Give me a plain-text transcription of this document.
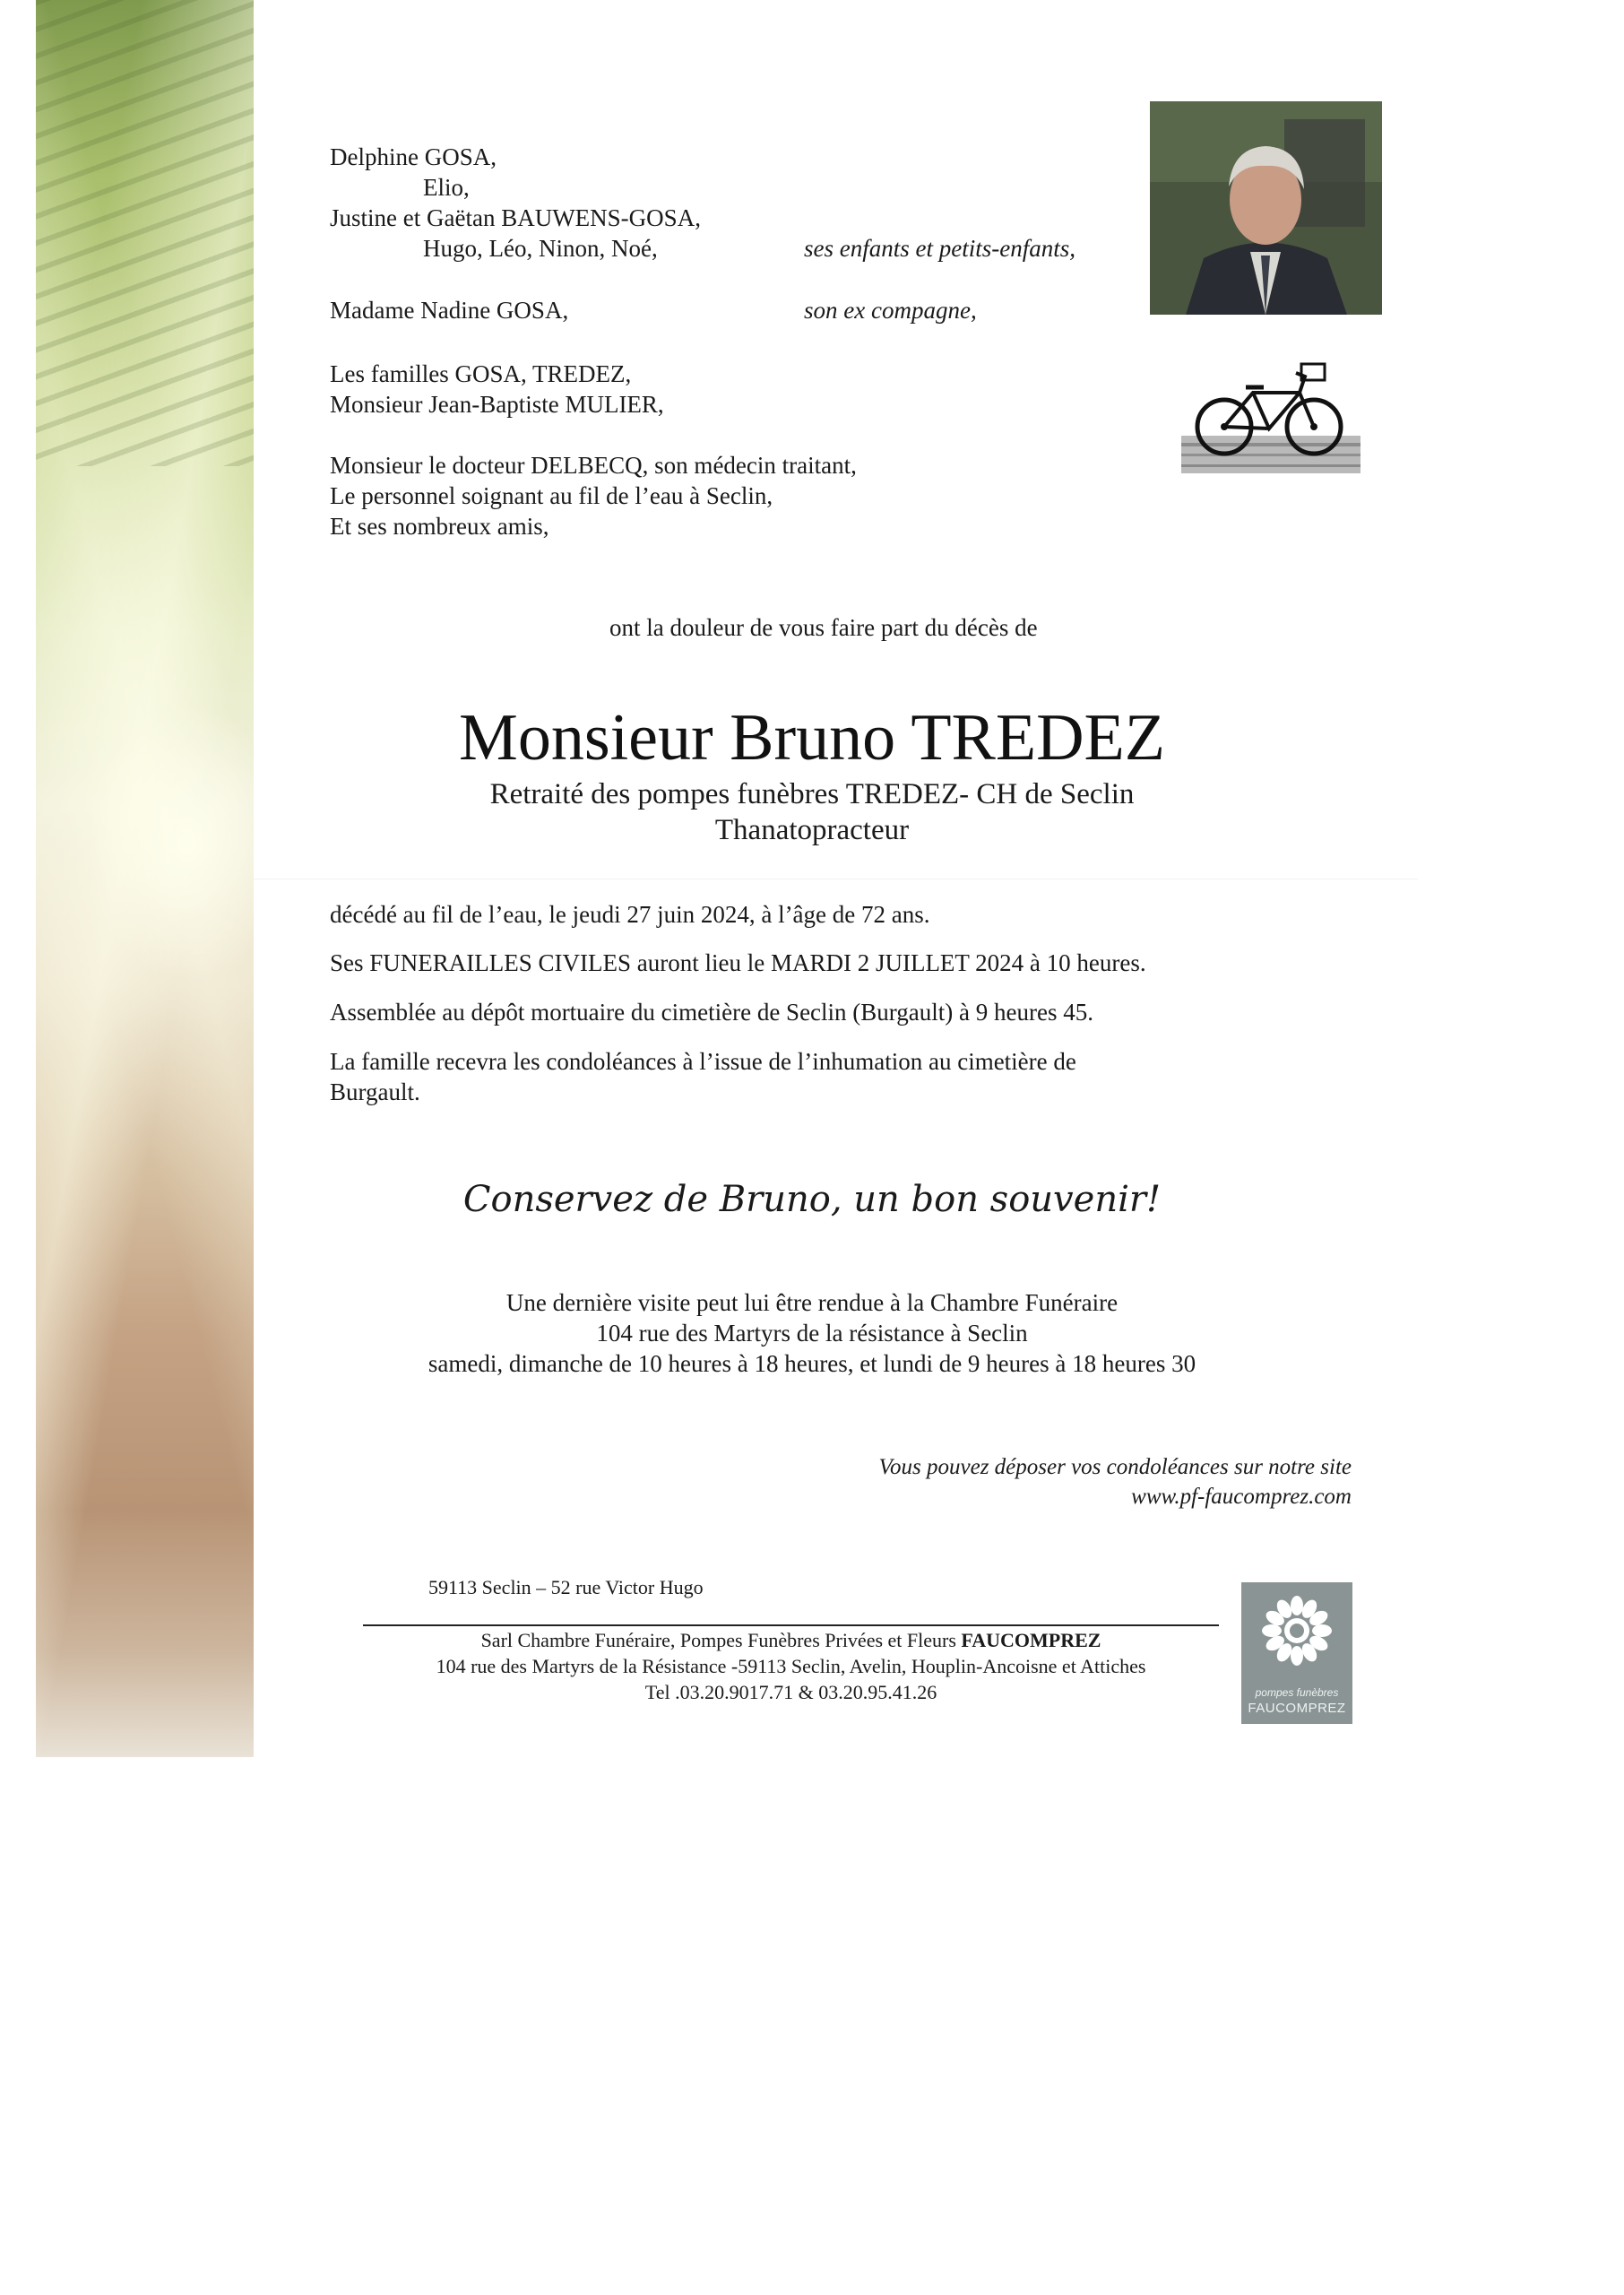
Delphine GOSA,
Elio,
Justine et Gaëtan BAUWENS-GOSA,
Hugo, Léo, Ninon, Noé,	ses enfants et petits-enfants,
Madame Nadine GOSA,	son ex compagne,
Les familles GOSA, TREDEZ,
Monsieur Jean-Baptiste MULIER,
Monsieur le docteur DELBECQ, son médecin traitant,
Le personnel soignant au fil de l’eau à Seclin,
Et ses nombreux amis,
ont la douleur de vous faire part du décès de
Monsieur Bruno TREDEZ
Retraité des pompes funèbres TREDEZ- CH de Seclin
Thanatopracteur
décédé au fil de l’eau, le jeudi 27 juin 2024, à l’âge de 72 ans.
Ses FUNERAILLES CIVILES auront lieu le MARDI 2 JUILLET 2024 à 10 heures.
Assemblée au dépôt mortuaire du cimetière de Seclin (Burgault) à 9 heures 45.
La famille recevra les condoléances à l’issue de l’inhumation au cimetière de
Burgault.
Conservez de Bruno, un bon souvenir!
Une dernière visite peut lui être rendue à la Chambre Funéraire
104 rue des Martyrs de la résistance à Seclin
samedi, dimanche de 10 heures à 18 heures, et lundi de 9 heures à 18 heures 30
Vous pouvez déposer vos condoléances sur notre site
www.pf-faucomprez.com
59113 Seclin – 52 rue Victor Hugo
Sarl Chambre Funéraire, Pompes Funèbres Privées et Fleurs FAUCOMPREZ
104 rue des Martyrs de la Résistance -59113 Seclin, Avelin, Houplin-Ancoisne et Attiches
Tel .03.20.9017.71 & 03.20.95.41.26	pompes funèbres
FAUCOMPREZ
